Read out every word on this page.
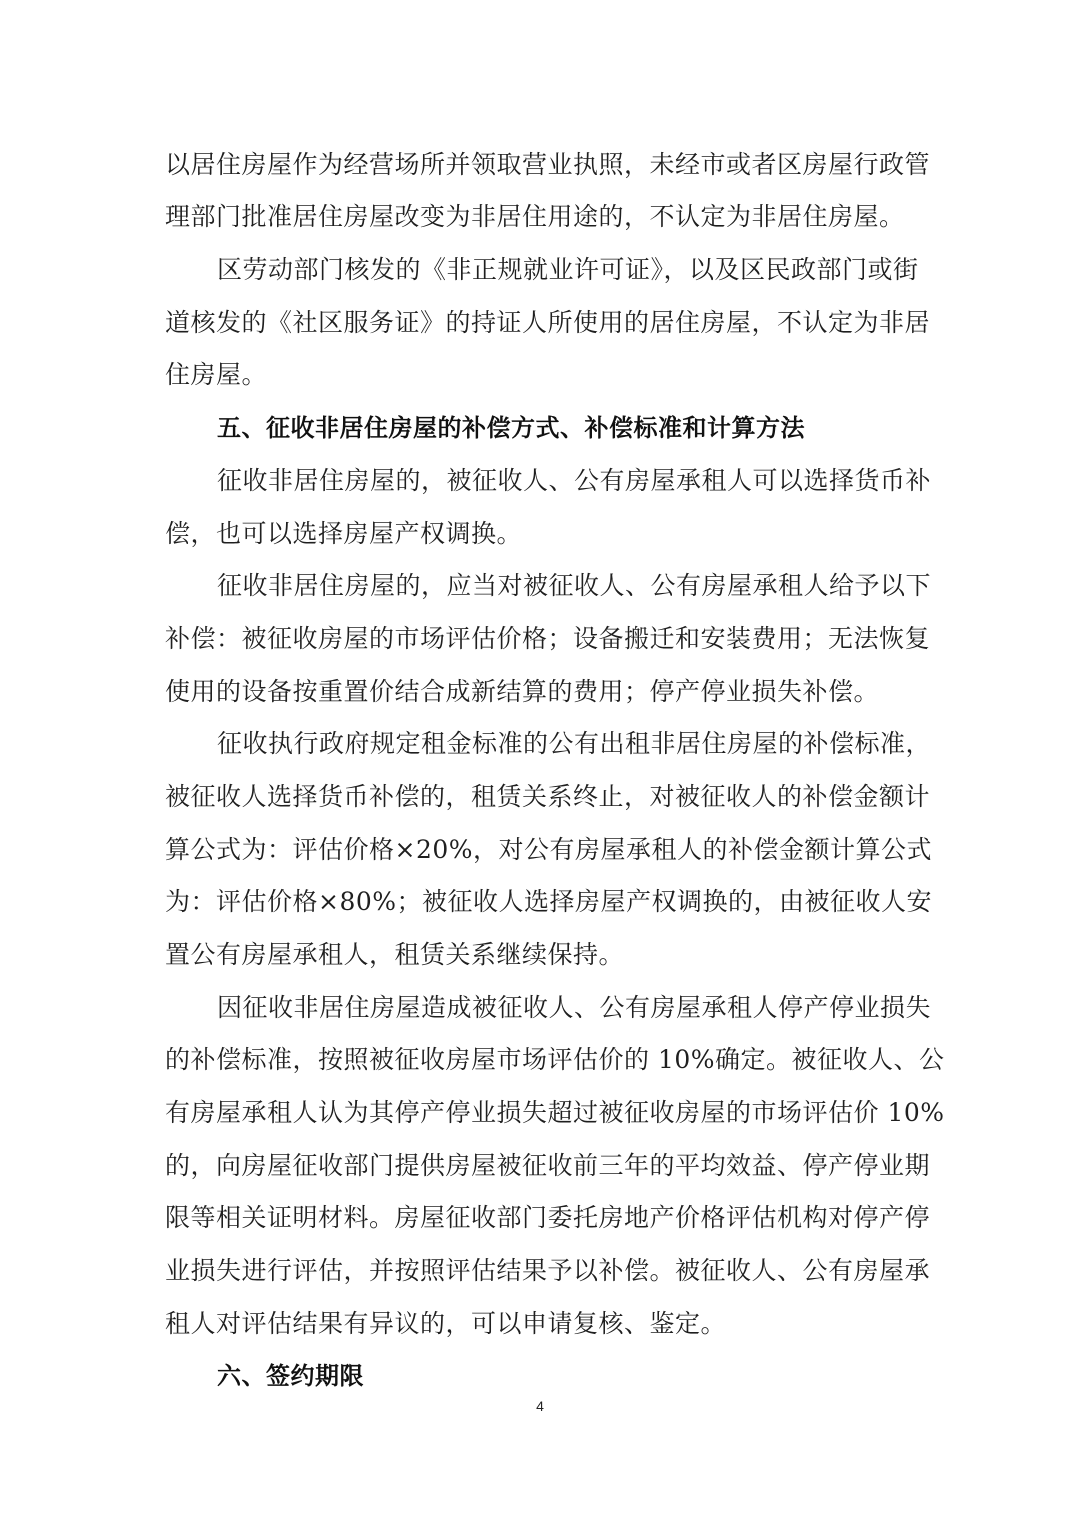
以居住房屋作为经营场所并领取营业执照，未经市或者区房屋行政管
理部门批准居住房屋改变为非居住用途的，不认定为非居住房屋。
区劳动部门核发的《非正规就业许可证》，以及区民政部门或街
道核发的《社区服务证》的持证人所使用的居住房屋，不认定为非居
住房屋。
五、征收非居住房屋的补偿方式、补偿标准和计算方法
征收非居住房屋的，被征收人、公有房屋承租人可以选择货币补
偿，也可以选择房屋产权调换。
征收非居住房屋的，应当对被征收人、公有房屋承租人给予以下
补偿：被征收房屋的市场评估价格；设备搬迁和安装费用；无法恢复
使用的设备按重置价结合成新结算的费用；停产停业损失补偿。
征收执行政府规定租金标准的公有出租非居住房屋的补偿标准，
被征收人选择货币补偿的，租赁关系终止，对被征收人的补偿金额计
算公式为：评估价格×20%，对公有房屋承租人的补偿金额计算公式
为：评估价格×80%；被征收人选择房屋产权调换的，由被征收人安
置公有房屋承租人，租赁关系继续保持。
因征收非居住房屋造成被征收人、公有房屋承租人停产停业损失
的补偿标准，按照被征收房屋市场评估价的 10%确定。被征收人、公
有房屋承租人认为其停产停业损失超过被征收房屋的市场评估价 10%
的，向房屋征收部门提供房屋被征收前三年的平均效益、停产停业期
限等相关证明材料。房屋征收部门委托房地产价格评估机构对停产停
业损失进行评估，并按照评估结果予以补偿。被征收人、公有房屋承
租人对评估结果有异议的，可以申请复核、鉴定。
六、签约期限
4
